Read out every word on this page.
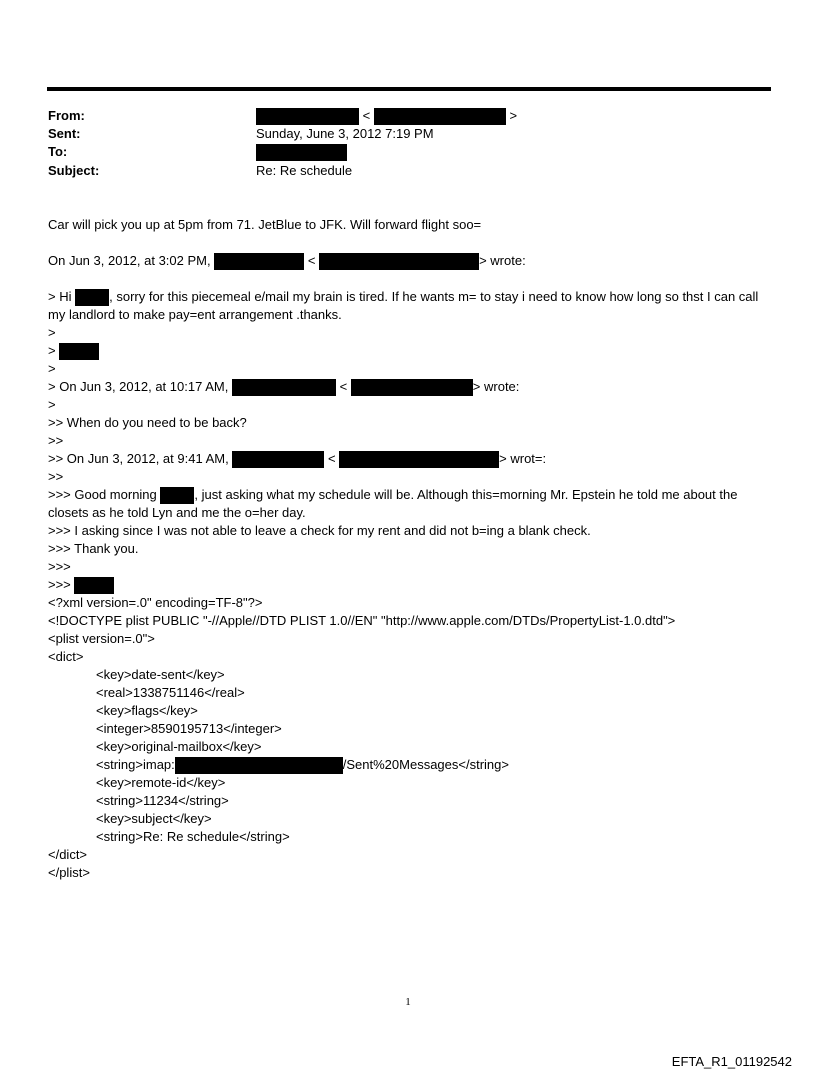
From:	<	>
Sent:	Sunday, June 3, 2012 7:19 PM
To:
Subject:	Re: Re schedule
Car will pick you up at 5pm from 71. JetBlue to JFK. Will forward flight soo=
On Jun 3, 2012, at 3:02 PM,	<	> wrote:
> Hi	, sorry for this piecemeal e/mail my brain is tired. If he wants m= to stay i need to know how long so thst I can call my landlord to make pay=ent arrangement .thanks.
>
>
>
> On Jun 3, 2012, at 10:17 AM,	<	> wrote:
>
>> When do you need to be back?
>>
>> On Jun 3, 2012, at 9:41 AM,	<	> wrot=:
>>
>>> Good morning	, just asking what my schedule will be. Although this=morning Mr. Epstein he told me about the closets as he told Lyn and me the o=her day.
>>> I asking since I was not able to leave a check for my rent and did not b=ing a blank check.
>>> Thank you.
>>>
>>>
<?xml version=.0" encoding=TF-8"?>
<!DOCTYPE plist PUBLIC "-//Apple//DTD PLIST 1.0//EN" "http://www.apple.com/DTDs/PropertyList-1.0.dtd">
<plist version=.0">
<dict>
<key>date-sent</key>
<real>1338751146</real>
<key>flags</key>
<integer>8590195713</integer>
<key>original-mailbox</key>
<string>imap:	/Sent%20Messages</string>
<key>remote-id</key>
<string>11234</string>
<key>subject</key>
<string>Re: Re schedule</string>
</dict>
</plist>
1
EFTA_R1_01192542
